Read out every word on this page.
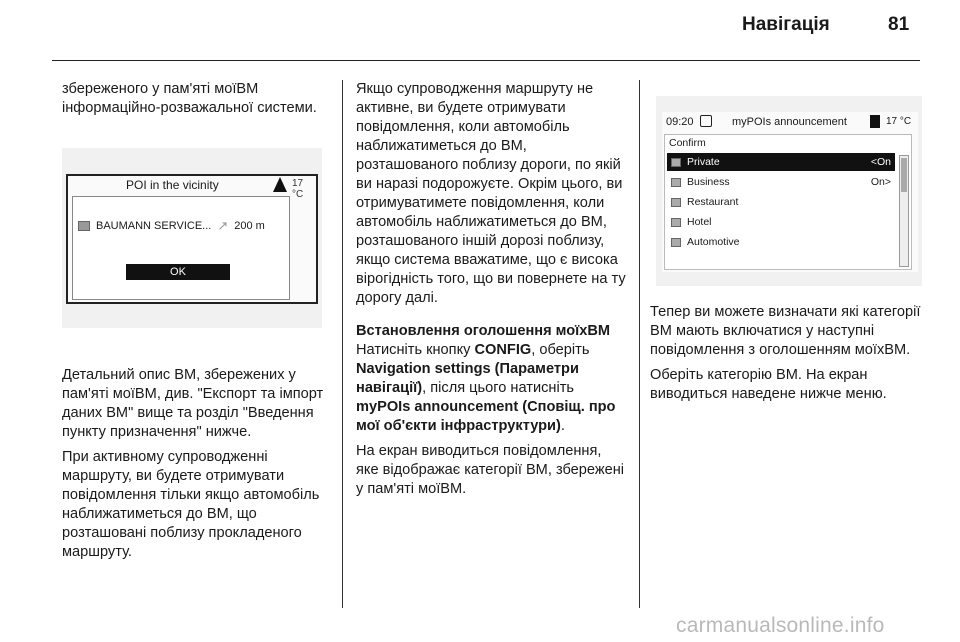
Навігація	81

збереженого у пам'яті моїВМ інформаційно-розважальної системи.

POI in the vicinity	17 °C
BAUMANN SERVICE... ↗ 200 m
OK

Детальний опис ВМ, збережених у пам'яті моїВМ, див. "Експорт та імпорт даних ВМ" вище та розділ "Введення пункту призначення" нижче.

При активному супроводженні маршруту, ви будете отримувати повідомлення тільки якщо автомобіль наближатиметься до ВМ, що розташовані поблизу прокладеного маршруту.

Якщо супроводження маршруту не активне, ви будете отримувати повідомлення, коли автомобіль наближатиметься до ВМ, розташованого поблизу дороги, по якій ви наразі подорожуєте. Окрім цього, ви отримуватимете повідомлення, коли автомобіль наближатиметься до ВМ, розташованого іншій дорозі поблизу, якщо система вважатиме, що є висока вірогідність того, що ви повернете на ту дорогу далі.

Встановлення оголошення моїхВМ

Натисніть кнопку CONFIG, оберіть Navigation settings (Параметри навігації), після цього натисніть myPOIs announcement (Сповіщ. про мої об'єкти інфраструктури).

На екран виводиться повідомлення, яке відображає категорії ВМ, збережені у пам'яті моїВМ.

09:20	myPOIs announcement	17 °C
Confirm
Private	<On
Business	On>
Restaurant
Hotel
Automotive

Тепер ви можете визначати які категорії ВМ мають включатися у наступні повідомлення з оголошенням моїхВМ.

Оберіть категорію ВМ. На екран виводиться наведене нижче меню.

carmanualsonline.info
